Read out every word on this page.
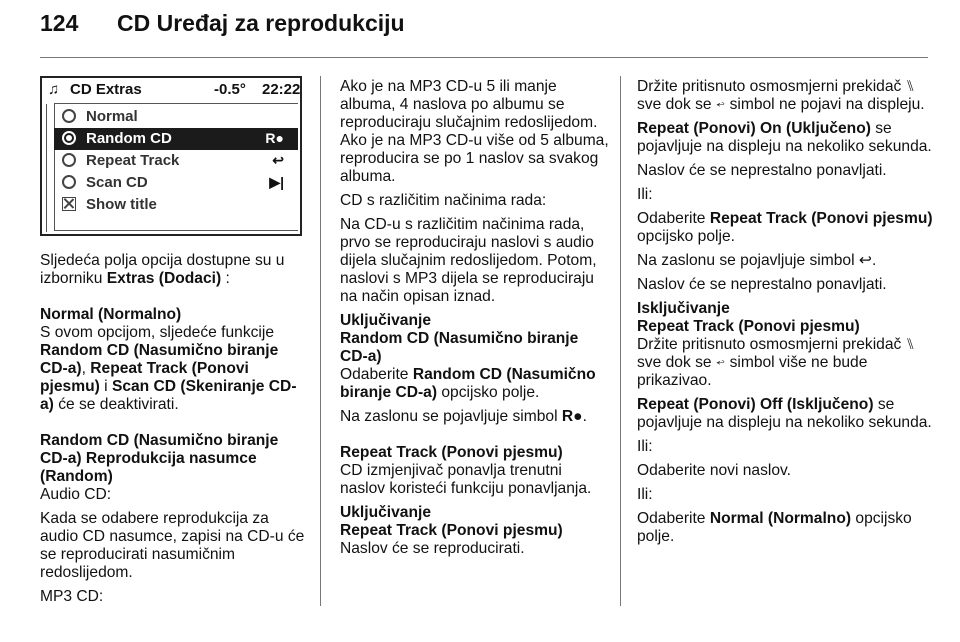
124 CD Uređaj za reprodukciju
♫ CD Extras	-0.5° 22:22
Normal
Random CD	R●
Repeat Track	↩
Scan CD	▶|
Show title

Sljedeća polja opcija dostupne su u izborniku Extras (Dodaci) :

Normal (Normalno)

S ovom opcijom, sljedeće funkcije Random CD (Nasumično biranje CD-a), Repeat Track (Ponovi pjesmu) i Scan CD (Skeniranje CD-a) će se deaktivirati.

Random CD (Nasumično biranje CD-a) Reprodukcija nasumce (Random)

Audio CD:

Kada se odabere reprodukcija za audio CD nasumce, zapisi na CD-u će se reproducirati nasumičnim redoslijedom.

MP3 CD:

Ako je na MP3 CD-u 5 ili manje albuma, 4 naslova po albumu se reproduciraju slučajnim redoslijedom. Ako je na MP3 CD-u više od 5 albuma, reproducira se po 1 naslov sa svakog albuma.

CD s različitim načinima rada:

Na CD-u s različitim načinima rada, prvo se reproduciraju naslovi s audio dijela slučajnim redoslijedom. Potom, naslovi s MP3 dijela se reproduciraju na način opisan iznad.

Uključivanje

Random CD (Nasumično biranje CD-a)

Odaberite Random CD (Nasumično biranje CD-a) opcijsko polje.

Na zaslonu se pojavljuje simbol R●.

Repeat Track (Ponovi pjesmu)

CD izmjenjivač ponavlja trenutni naslov koristeći funkciju ponavljanja.

Uključivanje

Repeat Track (Ponovi pjesmu)

Naslov će se reproducirati.

Držite pritisnuto osmosmjerni prekidač ⑊ sve dok se ↩ simbol ne pojavi na displeju.

Repeat (Ponovi) On (Uključeno) se pojavljuje na displeju na nekoliko sekunda.

Naslov će se neprestalno ponavljati.

Ili:

Odaberite Repeat Track (Ponovi pjesmu) opcijsko polje.

Na zaslonu se pojavljuje simbol ↩.

Naslov će se neprestalno ponavljati.

Isključivanje

Repeat Track (Ponovi pjesmu)

Držite pritisnuto osmosmjerni prekidač ⑊ sve dok se ↩ simbol više ne bude prikazivao.

Repeat (Ponovi) Off (Isključeno) se pojavljuje na displeju na nekoliko sekunda.

Ili:

Odaberite novi naslov.

Ili:

Odaberite Normal (Normalno) opcijsko polje.
